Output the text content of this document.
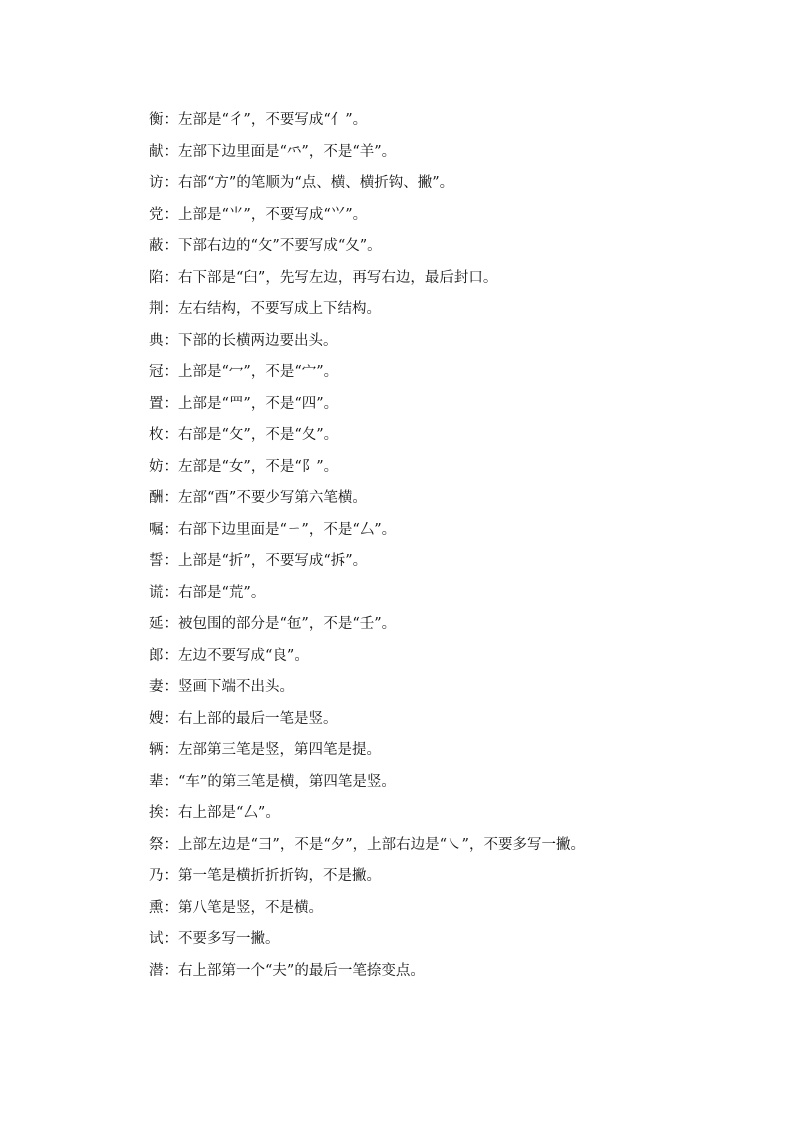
衡：左部是“彳”，不要写成“亻”。
献：左部下边里面是“⺤”，不是“羊”。
访：右部“方”的笔顺为“点、横、横折钩、撇”。
党：上部是“⺌”，不要写成“⺍”。
蔽：下部右边的“攵”不要写成“夂”。
陷：右下部是“臼”，先写左边，再写右边，最后封口。
荆：左右结构，不要写成上下结构。
典：下部的长横两边要出头。
冠：上部是“冖”，不是“宀”。
置：上部是“罒”，不是“四”。
枚：右部是“攵”，不是“夂”。
妨：左部是“女”，不是“阝”。
酬：左部“酉”不要少写第六笔横。
嘱：右部下边里面是“ㄧ”，不是“厶”。
誓：上部是“折”，不要写成“拆”。
谎：右部是“荒”。
延：被包围的部分是“㐌”，不是“壬”。
郎：左边不要写成“良”。
妻：竖画下端不出头。
嫂：右上部的最后一笔是竖。
辆：左部第三笔是竖，第四笔是提。
辈：“车”的第三笔是横，第四笔是竖。
挨：右上部是“厶”。
祭：上部左边是“⺕”，不是“夕”，上部右边是“㇏”，不要多写一撇。
乃：第一笔是横折折折钩，不是撇。
熏：第八笔是竖，不是横。
试：不要多写一撇。
潜：右上部第一个“夫”的最后一笔捺变点。
